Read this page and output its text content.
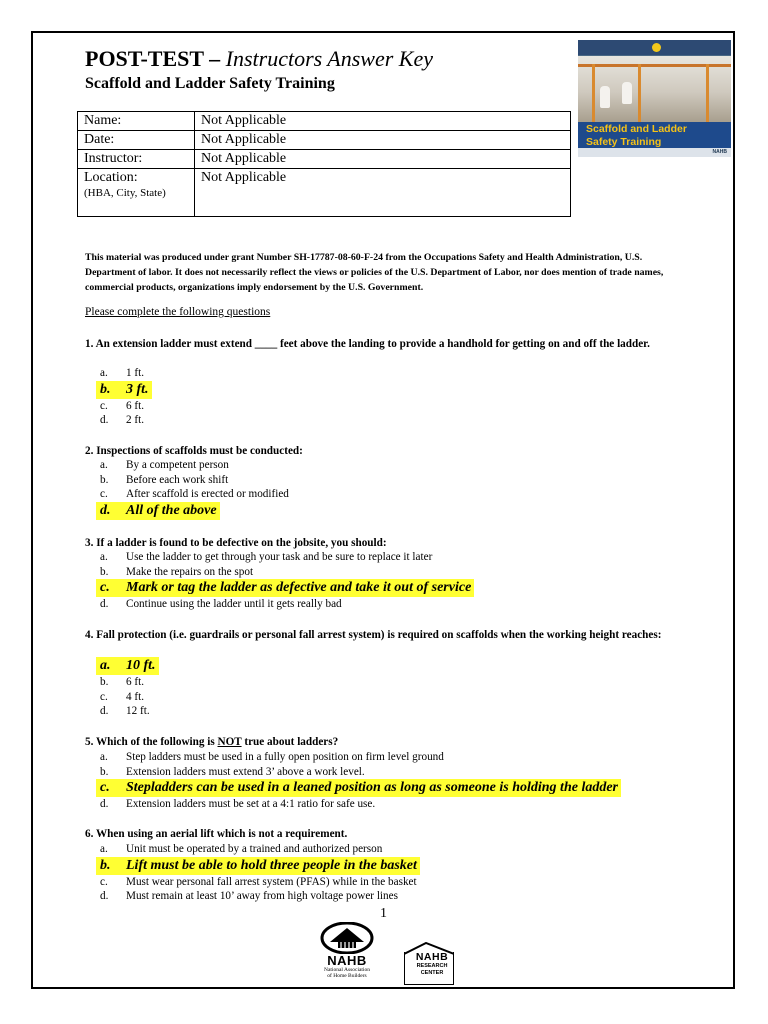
POST-TEST – Instructors Answer Key
Scaffold and Ladder Safety Training
Scaffold and Ladder
Safety Training
NAHB
Name:	Not Applicable
Date:	Not Applicable
Instructor:	Not Applicable
Location:
(HBA, City, State)	Not Applicable
This material was produced under grant Number SH-17787-08-60-F-24 from the Occupations Safety and Health Administration, U.S. Department of labor. It does not necessarily reflect the views or policies of the U.S. Department of Labor, nor does mention of trade names, commercial products, organizations imply endorsement by the U.S. Government.
Please complete the following questions
1. An extension ladder must extend ____ feet above the landing to provide a handhold for getting on and off the ladder.
a.	1 ft.
b.	3 ft.
c.	6 ft.
d.	2 ft.
2. Inspections of scaffolds must be conducted:
a.	By a competent person
b.	Before each work shift
c.	After scaffold is erected or modified
d.	All of the above
3. If a ladder is found to be defective on the jobsite, you should:
a.	Use the ladder to get through your task and be sure to replace it later
b.	Make the repairs on the spot
c.	Mark or tag the ladder as defective and take it out of service
d.	Continue using the ladder until it gets really bad
4. Fall protection (i.e. guardrails or personal fall arrest system) is required on scaffolds when the working height reaches:
a.	10 ft.
b.	6 ft.
c.	4 ft.
d.	12 ft.
5. Which of the following is NOT true about ladders?
a.	Step ladders must be used in a fully open position on firm level ground
b.	Extension ladders must extend 3’ above a work level.
c.	Stepladders can be used in a leaned position as long as someone is holding the ladder
d.	Extension ladders must be set at a 4:1 ratio for safe use.
6. When using an aerial lift which is not a requirement.
a.	Unit must be operated by a trained and authorized person
b.	Lift must be able to hold three people in the basket
c.	Must wear personal fall arrest system (PFAS) while in the basket
d.	Must remain at least 10’ away from high voltage power lines
1
NAHB
National Association
of Home Builders
NAHB
RESEARCH
CENTER
